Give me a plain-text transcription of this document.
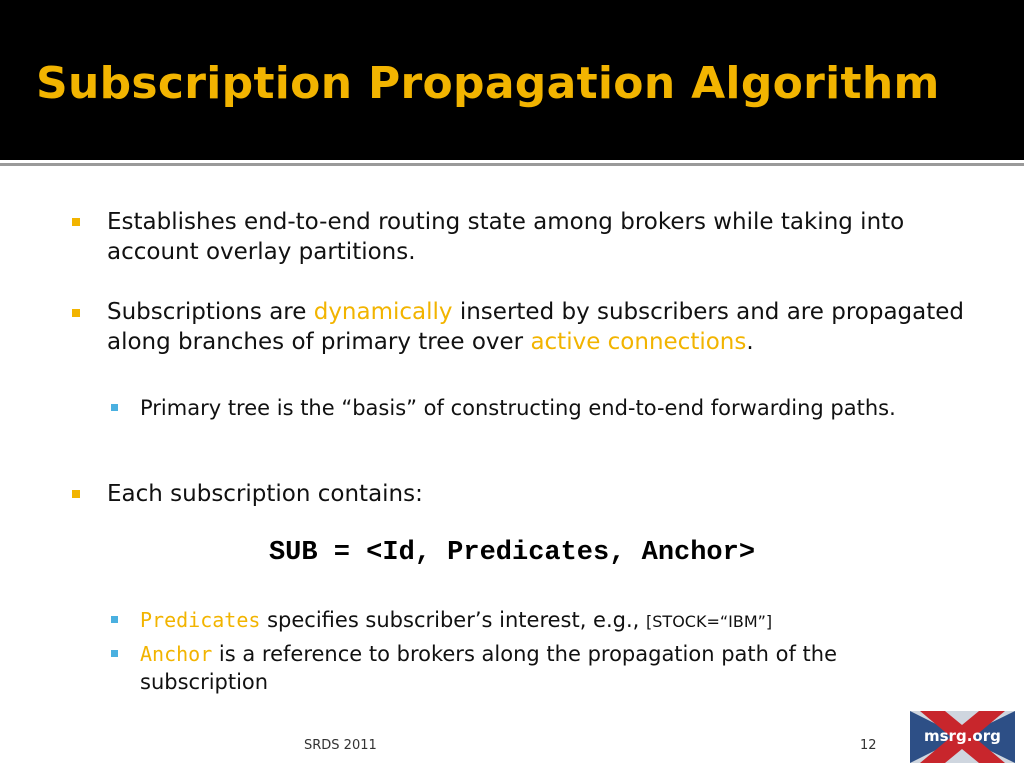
Subscription Propagation Algorithm
Establishes end-to-end routing state among brokers while taking into account overlay partitions.
Subscriptions are dynamically inserted by subscribers and are propagated along branches of primary tree over active connections.
Primary tree is the “basis” of constructing end-to-end forwarding paths.
Each subscription contains:
SUB = <Id, Predicates, Anchor>
Predicates specifies subscriber’s interest, e.g., [STOCK=“IBM”]
Anchor is a reference to brokers along the propagation path of the subscription
SRDS 2011	12
msrg.org
